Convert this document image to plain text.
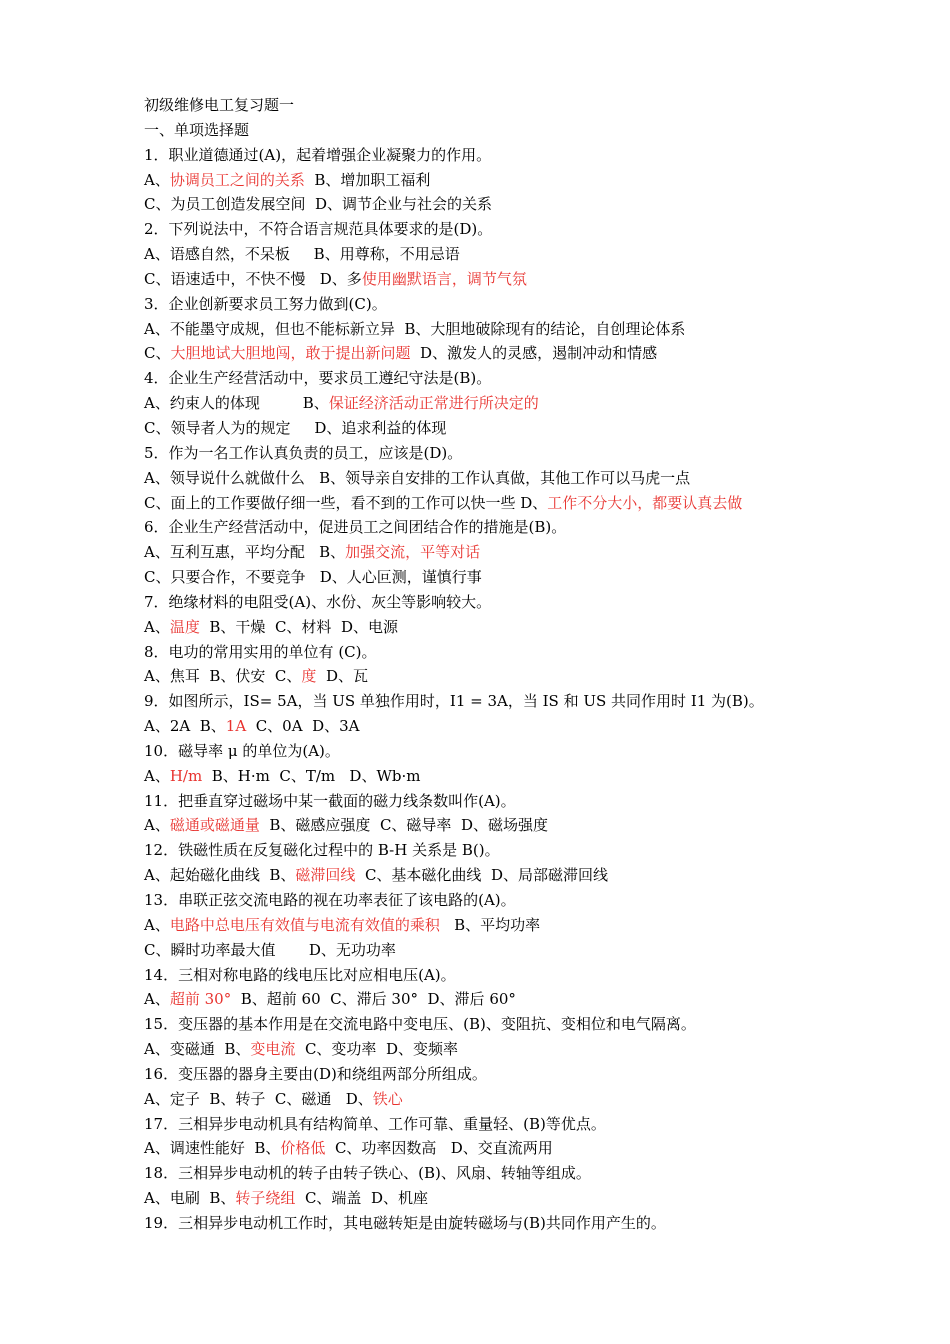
初级维修电工复习题一
一、单项选择题
1．职业道德通过(A)，起着增强企业凝聚力的作用。
A、协调员工之间的关系  B、增加职工福利
C、为员工创造发展空间  D、调节企业与社会的关系
2．下列说法中，不符合语言规范具体要求的是(D)。
A、语感自然，不呆板     B、用尊称，不用忌语
C、语速适中，不快不慢   D、多使用幽默语言，调节气氛
3．企业创新要求员工努力做到(C)。
A、不能墨守成规，但也不能标新立异  B、大胆地破除现有的结论，自创理论体系
C、大胆地试大胆地闯，敢于提出新问题  D、激发人的灵感，遏制冲动和情感
4．企业生产经营活动中，要求员工遵纪守法是(B)。
A、约束人的体现         B、保证经济活动正常进行所决定的
C、领导者人为的规定     D、追求利益的体现
5．作为一名工作认真负责的员工，应该是(D)。
A、领导说什么就做什么   B、领导亲自安排的工作认真做，其他工作可以马虎一点
C、面上的工作要做仔细一些，看不到的工作可以快一些 D、工作不分大小，都要认真去做
6．企业生产经营活动中，促进员工之间团结合作的措施是(B)。
A、互利互惠，平均分配   B、加强交流，平等对话
C、只要合作，不要竞争   D、人心叵测，谨慎行事
7．绝缘材料的电阻受(A)、水份、灰尘等影响较大。
A、温度  B、干燥  C、材料  D、电源
8．电功的常用实用的单位有 (C)。
A、焦耳  B、伏安  C、度  D、瓦
9．如图所示，IS= 5A，当 US 单独作用时，I1 = 3A，当 IS 和 US 共同作用时 I1 为(B)。
A、2A  B、1A  C、0A  D、3A
10．磁导率 μ 的单位为(A)。
A、H/m  B、H·m  C、T/m   D、Wb·m
11．把垂直穿过磁场中某一截面的磁力线条数叫作(A)。
A、磁通或磁通量  B、磁感应强度  C、磁导率  D、磁场强度
12．铁磁性质在反复磁化过程中的 B-H 关系是 B()。
A、起始磁化曲线  B、磁滞回线  C、基本磁化曲线  D、局部磁滞回线
13．串联正弦交流电路的视在功率表征了该电路的(A)。
A、电路中总电压有效值与电流有效值的乘积   B、平均功率
C、瞬时功率最大值       D、无功功率
14．三相对称电路的线电压比对应相电压(A)。
A、超前 30°  B、超前 60  C、滞后 30°  D、滞后 60°
15．变压器的基本作用是在交流电路中变电压、(B)、变阻抗、变相位和电气隔离。
A、变磁通  B、变电流  C、变功率  D、变频率
16．变压器的器身主要由(D)和绕组两部分所组成。
A、定子  B、转子  C、磁通   D、铁心
17．三相异步电动机具有结构简单、工作可靠、重量轻、(B)等优点。
A、调速性能好  B、价格低  C、功率因数高   D、交直流两用
18．三相异步电动机的转子由转子铁心、(B)、风扇、转轴等组成。
A、电刷  B、转子绕组  C、端盖  D、机座
19．三相异步电动机工作时，其电磁转矩是由旋转磁场与(B)共同作用产生的。
